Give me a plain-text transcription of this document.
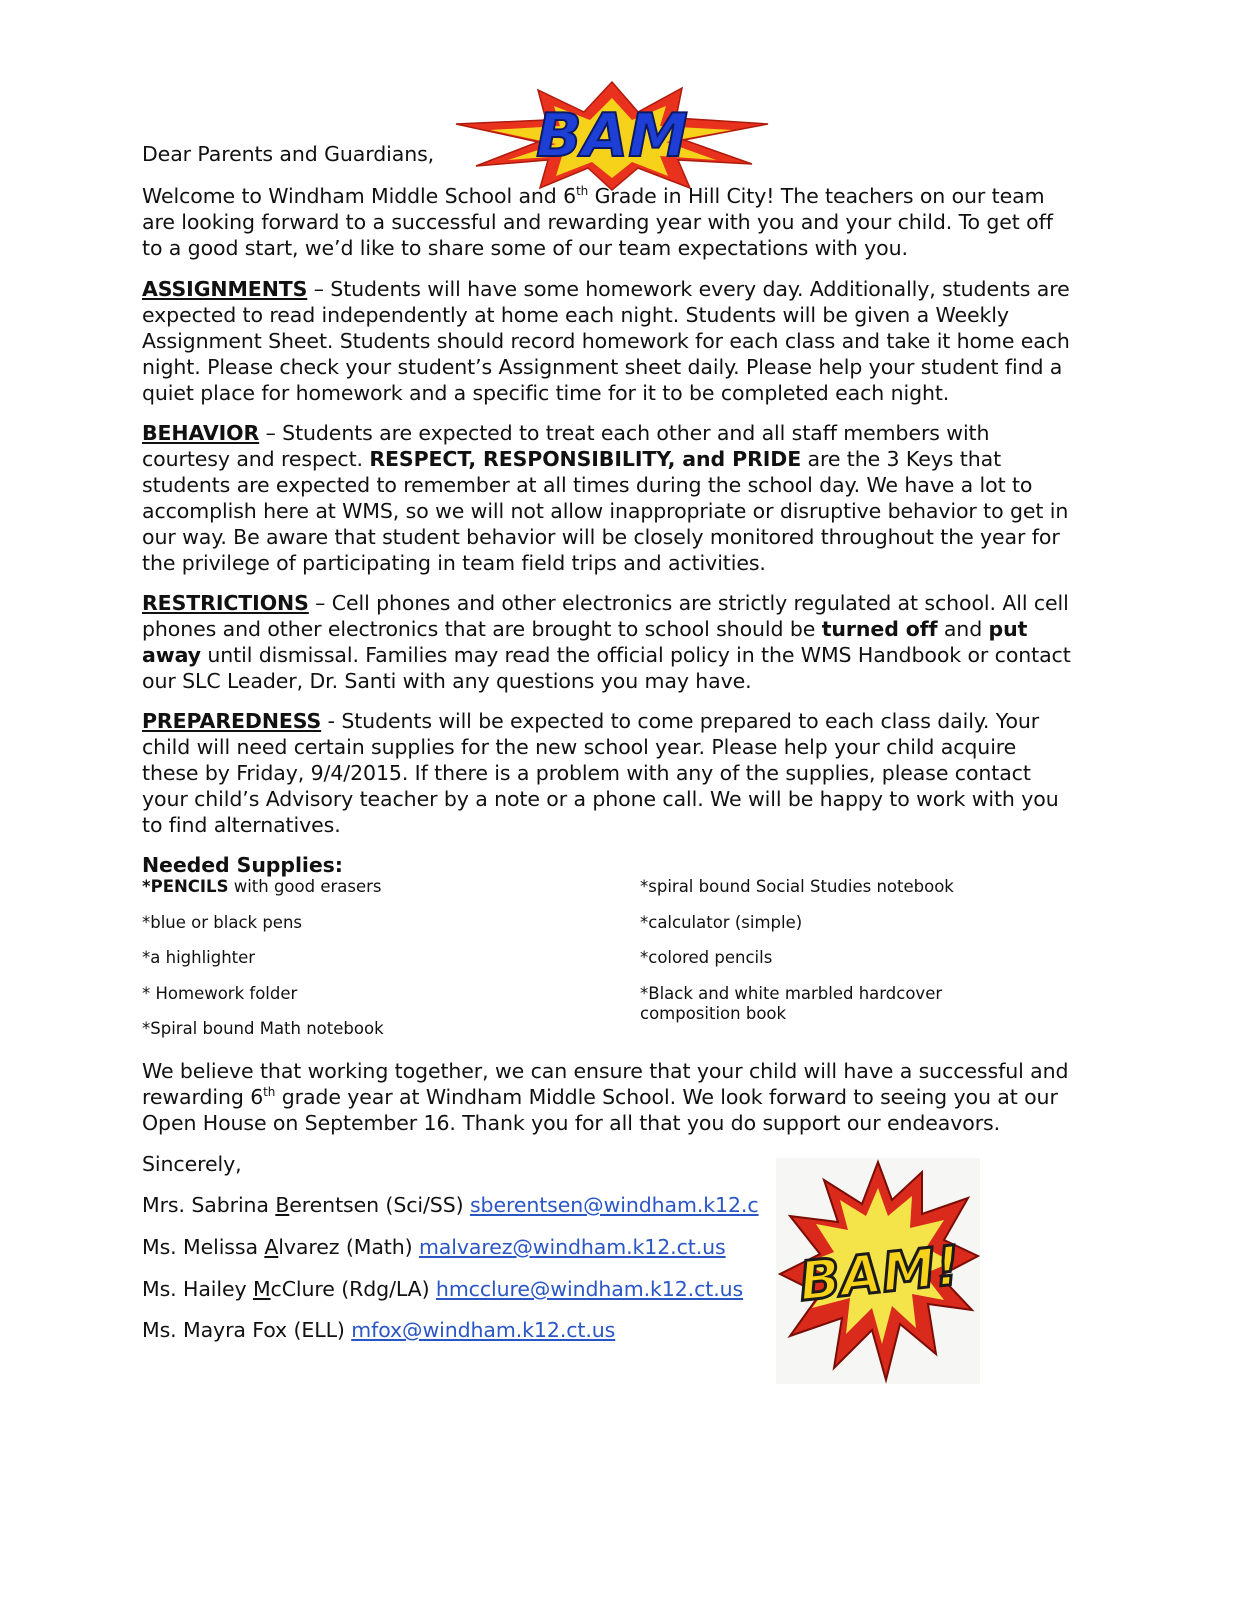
BAM

Dear Parents and Guardians,

Welcome to Windham Middle School and 6th Grade in Hill City! The teachers on our team are looking forward to a successful and rewarding year with you and your child. To get off to a good start, we’d like to share some of our team expectations with you.

ASSIGNMENTS – Students will have some homework every day. Additionally, students are expected to read independently at home each night. Students will be given a Weekly Assignment Sheet. Students should record homework for each class and take it home each night. Please check your student’s Assignment sheet daily. Please help your student find a quiet place for homework and a specific time for it to be completed each night.

BEHAVIOR – Students are expected to treat each other and all staff members with courtesy and respect. RESPECT, RESPONSIBILITY, and PRIDE are the 3 Keys that students are expected to remember at all times during the school day. We have a lot to accomplish here at WMS, so we will not allow inappropriate or disruptive behavior to get in our way. Be aware that student behavior will be closely monitored throughout the year for the privilege of participating in team field trips and activities.

RESTRICTIONS – Cell phones and other electronics are strictly regulated at school. All cell phones and other electronics that are brought to school should be turned off and put away until dismissal. Families may read the official policy in the WMS Handbook or contact our SLC Leader, Dr. Santi with any questions you may have.

PREPAREDNESS - Students will be expected to come prepared to each class daily. Your child will need certain supplies for the new school year. Please help your child acquire these by Friday, 9/4/2015. If there is a problem with any of the supplies, please contact your child’s Advisory teacher by a note or a phone call. We will be happy to work with you to find alternatives.

Needed Supplies:

*PENCILS with good erasers

*blue or black pens

*a highlighter

* Homework folder

*Spiral bound Math notebook

*spiral bound Social Studies notebook

*calculator (simple)

*colored pencils

*Black and white marbled hardcover composition book

We believe that working together, we can ensure that your child will have a successful and rewarding 6th grade year at Windham Middle School. We look forward to seeing you at our Open House on September 16. Thank you for all that you do support our endeavors.

Sincerely,

Mrs. Sabrina Berentsen (Sci/SS) sberentsen@windham.k12.c

Ms. Melissa Alvarez (Math) malvarez@windham.k12.ct.us

Ms. Hailey McClure (Rdg/LA) hmcclure@windham.k12.ct.us

Ms. Mayra Fox (ELL) mfox@windham.k12.ct.us

BAM!
